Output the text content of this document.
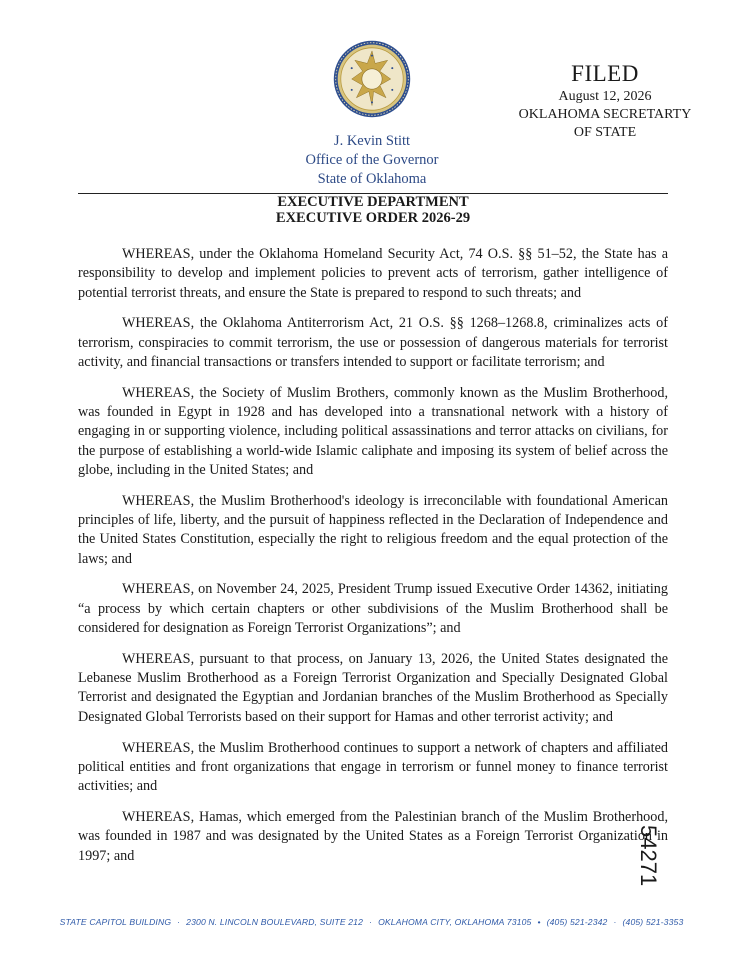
J. Kevin Stitt
Office of the Governor
State of Oklahoma
FILED
August 12, 2026
OKLAHOMA SECRETARTY
OF STATE
EXECUTIVE DEPARTMENT
EXECUTIVE ORDER 2026-29

WHEREAS, under the Oklahoma Homeland Security Act, 74 O.S. §§ 51–52, the State has a responsibility to develop and implement policies to prevent acts of terrorism, gather intelligence of potential terrorist threats, and ensure the State is prepared to respond to such threats; and

WHEREAS, the Oklahoma Antiterrorism Act, 21 O.S. §§ 1268–1268.8, criminalizes acts of terrorism, conspiracies to commit terrorism, the use or possession of dangerous materials for terrorist activity, and financial transactions or transfers intended to support or facilitate terrorism; and

WHEREAS, the Society of Muslim Brothers, commonly known as the Muslim Brotherhood, was founded in Egypt in 1928 and has developed into a transnational network with a history of engaging in or supporting violence, including political assassinations and terror attacks on civilians, for the purpose of establishing a world-wide Islamic caliphate and imposing its system of belief across the globe, including in the United States; and

WHEREAS, the Muslim Brotherhood's ideology is irreconcilable with foundational American principles of life, liberty, and the pursuit of happiness reflected in the Declaration of Independence and the United States Constitution, especially the right to religious freedom and the equal protection of the laws; and

WHEREAS, on November 24, 2025, President Trump issued Executive Order 14362, initiating “a process by which certain chapters or other subdivisions of the Muslim Brotherhood shall be considered for designation as Foreign Terrorist Organizations”; and

WHEREAS, pursuant to that process, on January 13, 2026, the United States designated the Lebanese Muslim Brotherhood as a Foreign Terrorist Organization and Specially Designated Global Terrorist and designated the Egyptian and Jordanian branches of the Muslim Brotherhood as Specially Designated Global Terrorists based on their support for Hamas and other terrorist activity; and

WHEREAS, the Muslim Brotherhood continues to support a network of chapters and affiliated political entities and front organizations that engage in terrorism or funnel money to finance terrorist activities; and

WHEREAS, Hamas, which emerged from the Palestinian branch of the Muslim Brotherhood, was founded in 1987 and was designated by the United States as a Foreign Terrorist Organization in 1997; and	54271
STATE CAPITOL BUILDING · 2300 N. LINCOLN BOULEVARD, SUITE 212 · OKLAHOMA CITY, OKLAHOMA 73105 • (405) 521-2342 · (405) 521-3353
